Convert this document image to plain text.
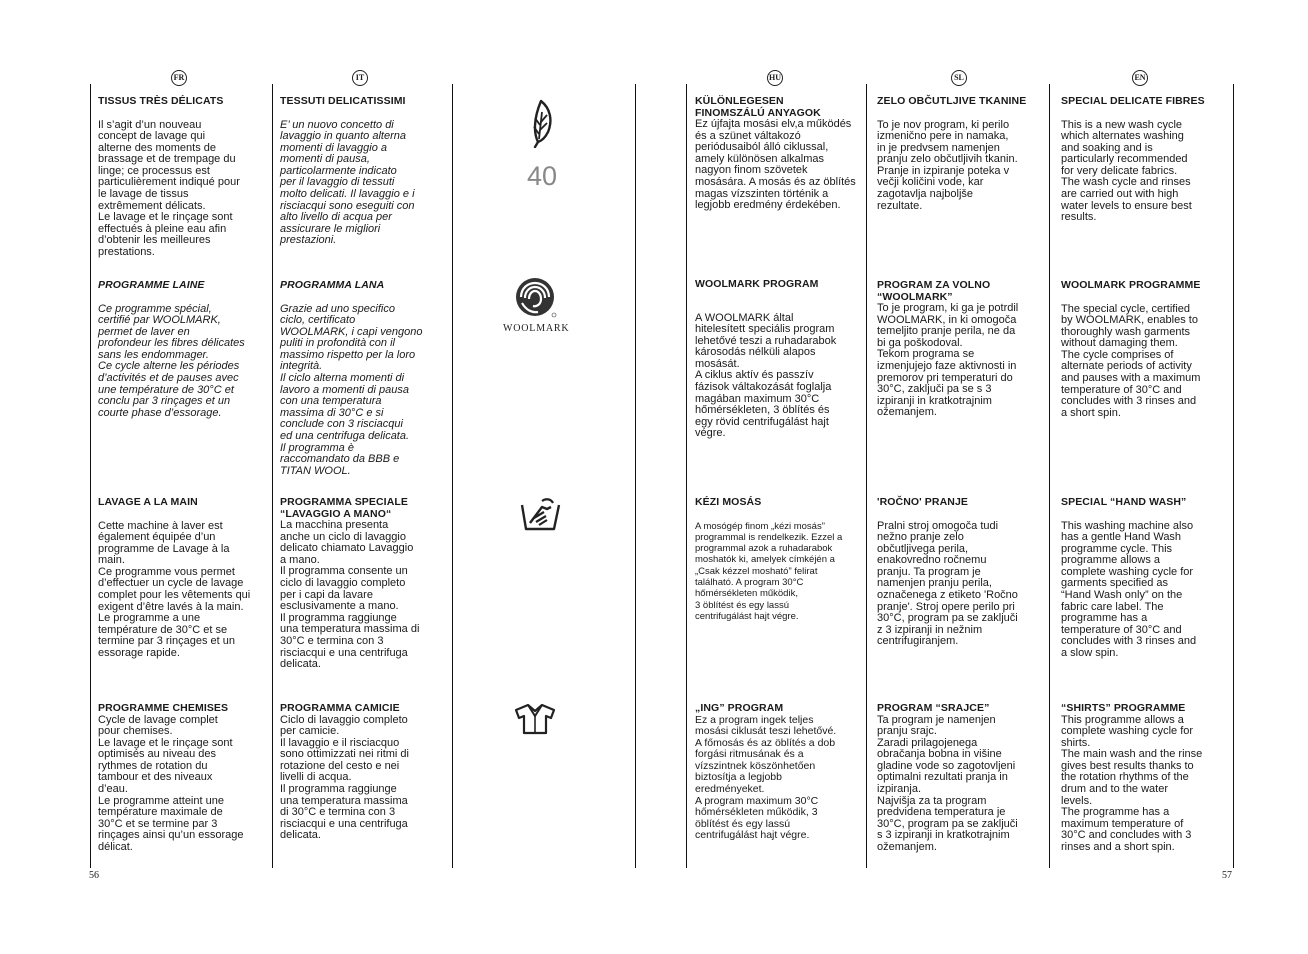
FR	IT	HU	SL	EN

TISSUS TRÈS DÉLICATS

Il s’agit d’un nouveau
concept de lavage qui
alterne des moments de
brassage et de trempage du
linge; ce processus est
particulièrement indiqué pour
le lavage de tissus
extrêmement délicats.
Le lavage et le rinçage sont
effectués à pleine eau afin
d’obtenir les meilleures
prestations.

PROGRAMME LAINE

Ce programme spécial,
certifié par WOOLMARK,
permet de laver en
profondeur les fibres délicates
sans les endommager.
Ce cycle alterne les périodes
d’activités et de pauses avec
une température de 30°C et
conclu par 3 rinçages et un
courte phase d’essorage.

LAVAGE A LA MAIN

Cette machine à laver est
également équipée d’un
programme de Lavage à la
main.
Ce programme vous permet
d’effectuer un cycle de lavage
complet pour les vêtements qui
exigent d’être lavés à la main.
Le programme a une
température de 30°C et se
termine par 3 rinçages et un
essorage rapide.

PROGRAMME CHEMISES

Cycle de lavage complet
pour chemises.
Le lavage et le rinçage sont
optimisés au niveau des
rythmes de rotation du
tambour et des niveaux
d’eau.
Le programme atteint une
température maximale de
30°C et se termine par 3
rinçages ainsi qu’un essorage
délicat.

TESSUTI DELICATISSIMI

E’ un nuovo concetto di
lavaggio in quanto alterna
momenti di lavaggio a
momenti di pausa,
particolarmente indicato
per il lavaggio di tessuti
molto delicati. Il lavaggio e i
risciacqui sono eseguiti con
alto livello di acqua per
assicurare le migliori
prestazioni.

PROGRAMMA LANA

Grazie ad uno specifico
ciclo, certificato
WOOLMARK, i capi vengono
puliti in profondità con il
massimo rispetto per la loro
integrità.
Il ciclo alterna momenti di
lavoro a momenti di pausa
con una temperatura
massima di 30°C e si
conclude con 3 risciacqui
ed una centrifuga delicata.
Il programma è
raccomandato da BBB e
TITAN WOOL.

PROGRAMMA SPECIALE
“LAVAGGIO A MANO“

La macchina presenta
anche un ciclo di lavaggio
delicato chiamato Lavaggio
a mano.
Il programma consente un
ciclo di lavaggio completo
per i capi da lavare
esclusivamente a mano.
Il programma raggiunge
una temperatura massima di
30°C e termina con 3
risciacqui e una centrifuga
delicata.

PROGRAMMA CAMICIE

Ciclo di lavaggio completo
per camicie.
Il lavaggio e il risciacquo
sono ottimizzati nei ritmi di
rotazione del cesto e nei
livelli di acqua.
Il programma raggiunge
una temperatura massima
di 30°C e termina con 3
risciacqui e una centrifuga
delicata.

40
WOOLMARK

KÜLÖNLEGESEN
FINOMSZÁLÚ ANYAGOK

Ez újfajta mosási elv,a működés
és a szünet váltakozó
periódusaiból álló ciklussal,
amely különösen alkalmas
nagyon finom szövetek
mosására. A mosás és az öblítés
magas vízszinten történik a
legjobb eredmény érdekében.

WOOLMARK PROGRAM

A WOOLMARK által
hitelesített speciális program
lehetővé teszi a ruhadarabok
károsodás nélküli alapos
mosását.
A ciklus aktív és passzív
fázisok váltakozását foglalja
magában maximum 30°C
hőmérsékleten, 3 öblítés és
egy rövid centrifugálást hajt
végre.

KÉZI MOSÁS

A mosógép finom „kézi mosás”
programmal is rendelkezik. Ezzel a
programmal azok a ruhadarabok
moshatók ki, amelyek címkéjén a
„Csak kézzel mosható” felirat
található. A program 30°C
hőmérsékleten működik,
3 öblítést és egy lassú
centrifugálást hajt végre.

„ING” PROGRAM

Ez a program ingek teljes
mosási ciklusát teszi lehetővé.
A főmosás és az öblítés a dob
forgási ritmusának és a
vízszintnek köszönhetően
biztosítja a legjobb
eredményeket.
A program maximum 30°C
hőmérsékleten működik, 3
öblítést és egy lassú
centrifugálást hajt végre.

ZELO OBČUTLJIVE TKANINE

To je nov program, ki perilo
izmenično pere in namaka,
in je predvsem namenjen
pranju zelo občutljivih tkanin.
Pranje in izpiranje poteka v
večji količini vode, kar
zagotavlja najboljše
rezultate.

PROGRAM ZA VOLNO
“WOOLMARK”

To je program, ki ga je potrdil
WOOLMARK, in ki omogoča
temeljito pranje perila, ne da
bi ga poškodoval.
Tekom programa se
izmenjujejo faze aktivnosti in
premorov pri temperaturi do
30°C, zaključi pa se s 3
izpiranji in kratkotrajnim
ožemanjem.

'ROČNO' PRANJE

Pralni stroj omogoča tudi
nežno pranje zelo
občutljivega perila,
enakovredno ročnemu
pranju. Ta program je
namenjen pranju perila,
označenega z etiketo 'Ročno
pranje'. Stroj opere perilo pri
30°C, program pa se zaključi
z 3 izpiranji in nežnim
centrifugiranjem.

PROGRAM “SRAJCE”

Ta program je namenjen
pranju srajc.
Zaradi prilagojenega
obračanja bobna in višine
gladine vode so zagotovljeni
optimalni rezultati pranja in
izpiranja.
Najvišja za ta program
predvidena temperatura je
30°C, program pa se zaključi
s 3 izpiranji in kratkotrajnim
ožemanjem.

SPECIAL DELICATE FIBRES

This is a new wash cycle
which alternates washing
and soaking and is
particularly recommended
for very delicate fabrics.
The wash cycle and rinses
are carried out with high
water levels to ensure best
results.

WOOLMARK PROGRAMME

The special cycle, certified
by WOOLMARK, enables to
thoroughly wash garments
without damaging them.
The cycle comprises of
alternate periods of activity
and pauses with a maximum
temperature of 30°C and
concludes with 3 rinses and
a short spin.

SPECIAL “HAND WASH”

This washing machine also
has a gentle Hand Wash
programme cycle. This
programme allows a
complete washing cycle for
garments specified as
“Hand Wash only” on the
fabric care label. The
programme has a
temperature of 30°C and
concludes with 3 rinses and
a slow spin.

“SHIRTS” PROGRAMME

This programme allows a
complete washing cycle for
shirts.
The main wash and the rinse
gives best results thanks to
the rotation rhythms of the
drum and to the water
levels.
The programme has a
maximum temperature of
30°C and concludes with 3
rinses and a short spin.

56	57
